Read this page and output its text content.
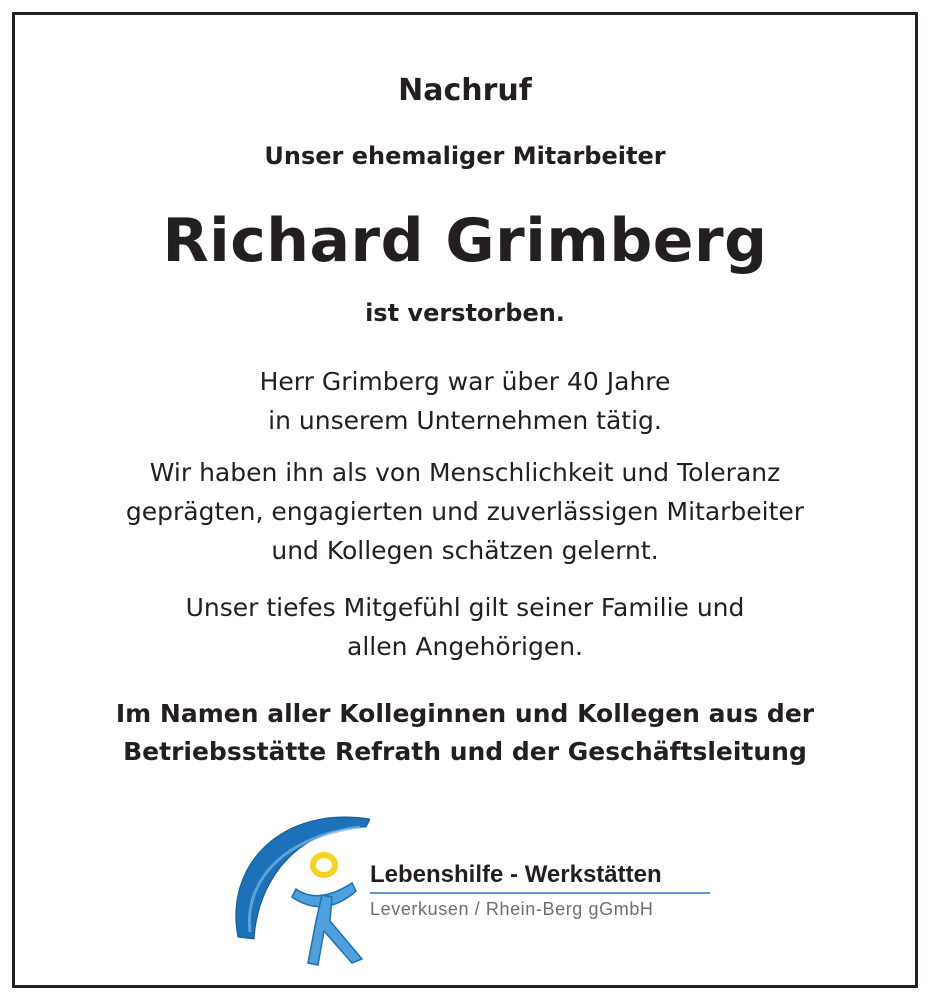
Nachruf
Unser ehemaliger Mitarbeiter
Richard Grimberg
ist verstorben.
Herr Grimberg war über 40 Jahre
in unserem Unternehmen tätig.
Wir haben ihn als von Menschlichkeit und Toleranz
geprägten, engagierten und zuverlässigen Mitarbeiter
und Kollegen schätzen gelernt.
Unser tiefes Mitgefühl gilt seiner Familie und
allen Angehörigen.
Im Namen aller Kolleginnen und Kollegen aus der
Betriebsstätte Refrath und der Geschäftsleitung
Lebenshilfe - Werkstätten
Leverkusen / Rhein-Berg gGmbH
